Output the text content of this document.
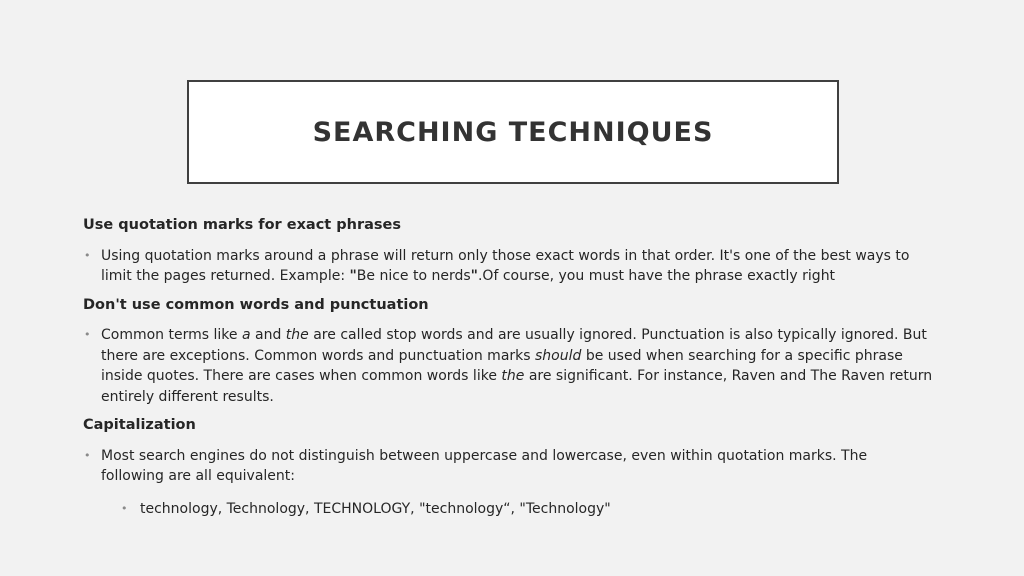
SEARCHING TECHNIQUES
Use quotation marks for exact phrases
• Using quotation marks around a phrase will return only those exact words in that order. It's one of the best ways to limit the pages returned. Example: "Be nice to nerds".Of course, you must have the phrase exactly right
Don't use common words and punctuation
• Common terms like a and the are called stop words and are usually ignored. Punctuation is also typically ignored. But there are exceptions. Common words and punctuation marks should be used when searching for a specific phrase inside quotes. There are cases when common words like the are significant. For instance, Raven and The Raven return entirely different results.
Capitalization
• Most search engines do not distinguish between uppercase and lowercase, even within quotation marks. The following are all equivalent:
• technology, Technology, TECHNOLOGY, "technology“, "Technology"
